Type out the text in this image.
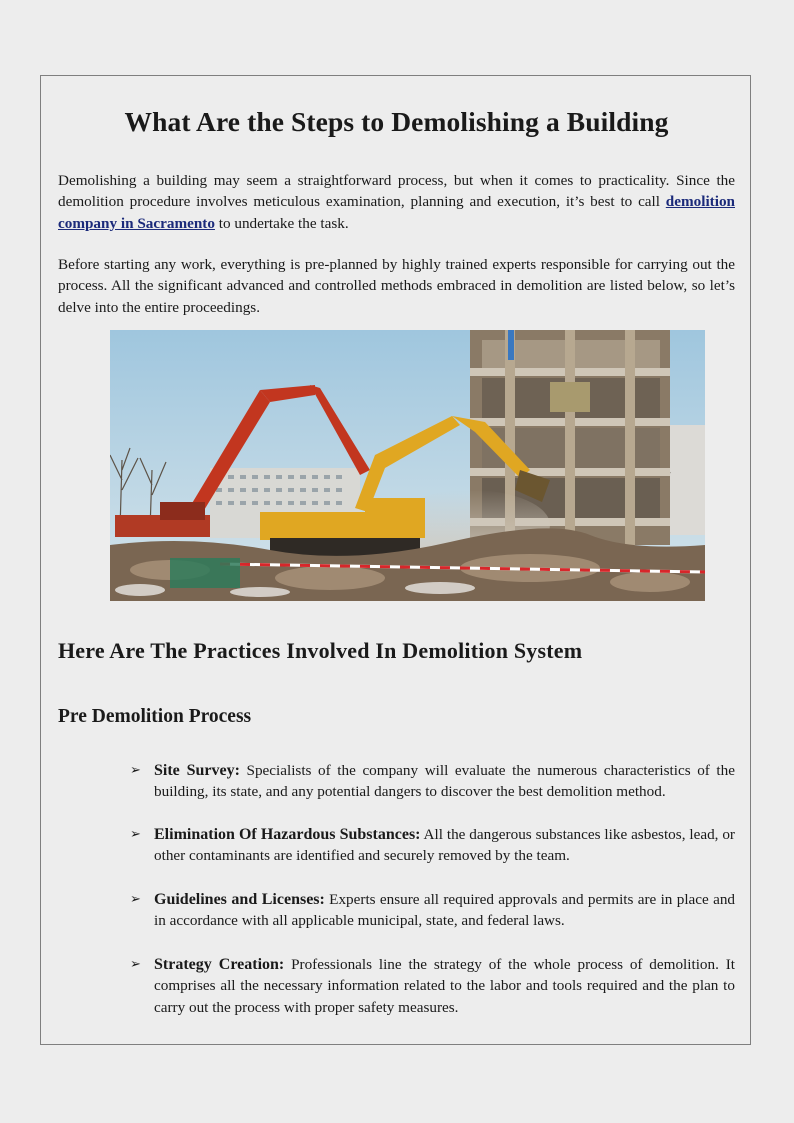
What Are the Steps to Demolishing a Building

Demolishing a building may seem a straightforward process, but when it comes to practicality. Since the demolition procedure involves meticulous examination, planning and execution, it’s best to call demolition company in Sacramento to undertake the task.

Before starting any work, everything is pre-planned by highly trained experts responsible for carrying out the process. All the significant advanced and controlled methods embraced in demolition are listed below, so let’s delve into the entire proceedings.

Here Are The Practices Involved In Demolition System
Pre Demolition Process
➢ Site Survey: Specialists of the company will evaluate the numerous characteristics of the building, its state, and any potential dangers to discover the best demolition method.
➢ Elimination Of Hazardous Substances: All the dangerous substances like asbestos, lead, or other contaminants are identified and securely removed by the team.
➢ Guidelines and Licenses: Experts ensure all required approvals and permits are in place and in accordance with all applicable municipal, state, and federal laws.
➢ Strategy Creation: Professionals line the strategy of the whole process of demolition. It comprises all the necessary information related to the labor and tools required and the plan to carry out the process with proper safety measures.
